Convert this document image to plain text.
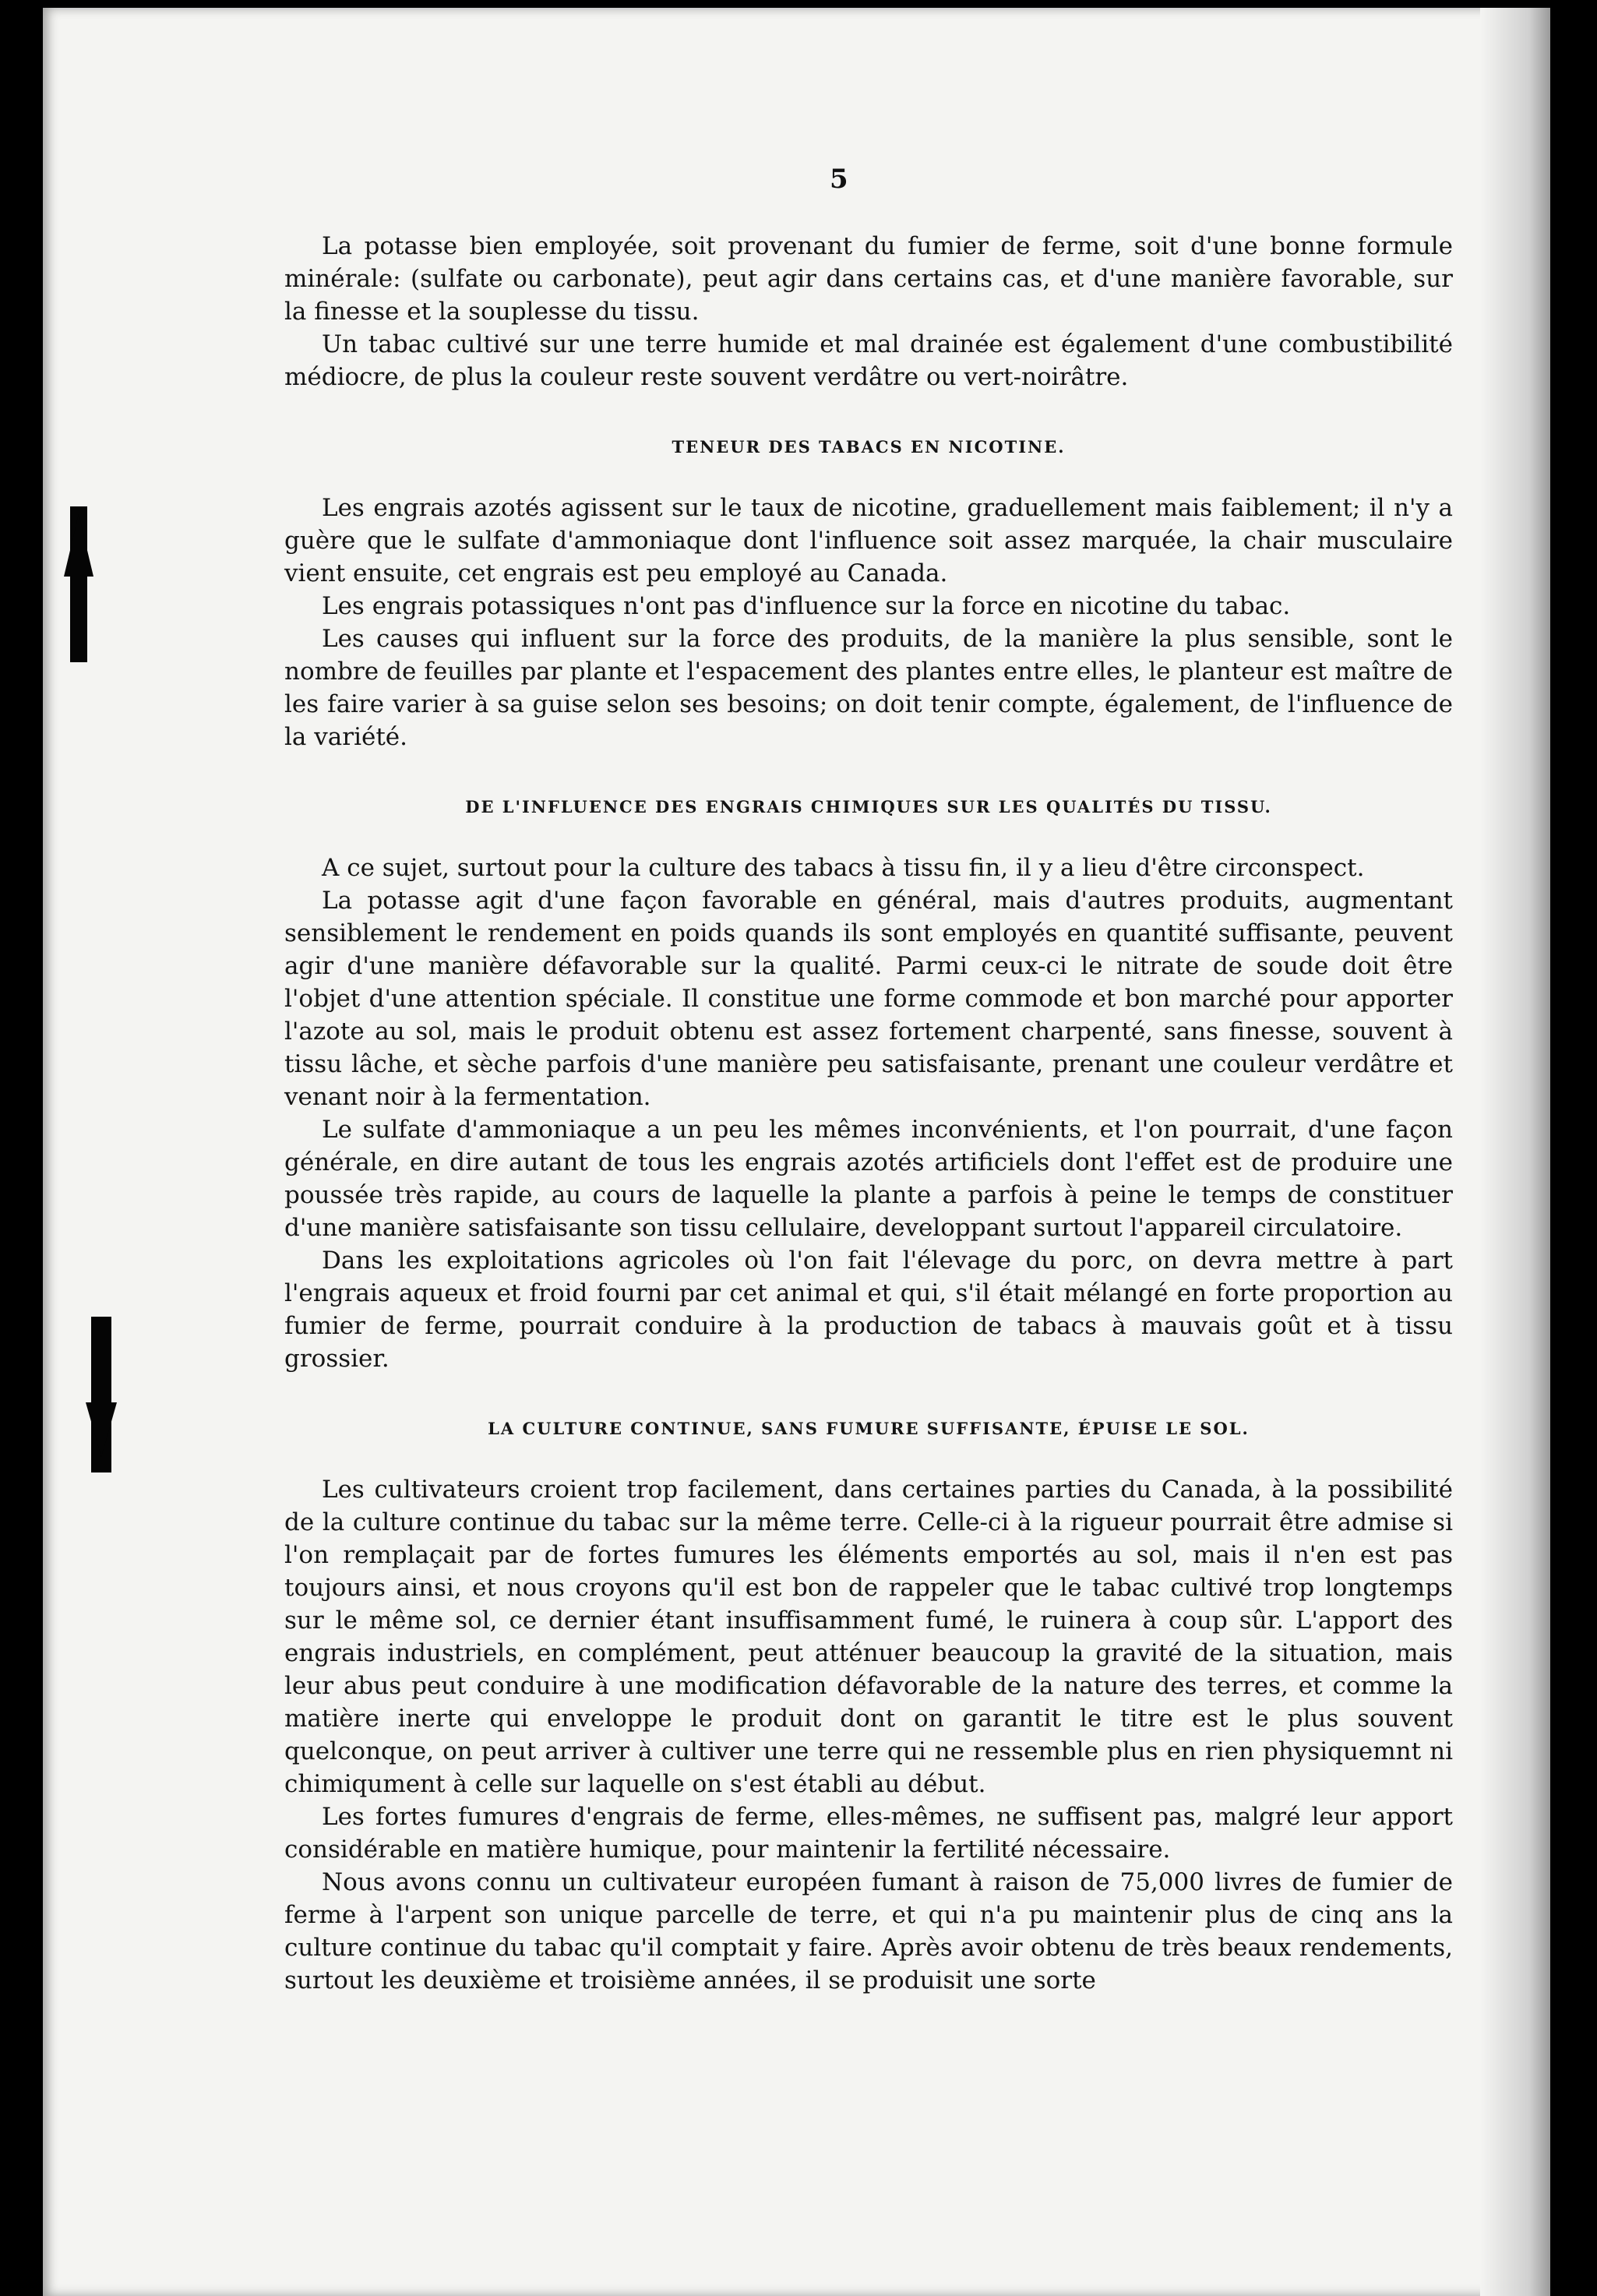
5

La potasse bien employée, soit provenant du fumier de ferme, soit d'une bonne formule minérale: (sulfate ou carbonate), peut agir dans certains cas, et d'une manière favorable, sur la finesse et la souplesse du tissu.

Un tabac cultivé sur une terre humide et mal drainée est également d'une combustibilité médiocre, de plus la couleur reste souvent verdâtre ou vert-noirâtre.

TENEUR DES TABACS EN NICOTINE.

Les engrais azotés agissent sur le taux de nicotine, graduellement mais faiblement; il n'y a guère que le sulfate d'ammoniaque dont l'influence soit assez marquée, la chair musculaire vient ensuite, cet engrais est peu employé au Canada.

Les engrais potassiques n'ont pas d'influence sur la force en nicotine du tabac.

Les causes qui influent sur la force des produits, de la manière la plus sensible, sont le nombre de feuilles par plante et l'espacement des plantes entre elles, le planteur est maître de les faire varier à sa guise selon ses besoins; on doit tenir compte, également, de l'influence de la variété.

DE L'INFLUENCE DES ENGRAIS CHIMIQUES SUR LES QUALITÉS DU TISSU.

A ce sujet, surtout pour la culture des tabacs à tissu fin, il y a lieu d'être circonspect.

La potasse agit d'une façon favorable en général, mais d'autres produits, augmentant sensiblement le rendement en poids quands ils sont employés en quantité suffisante, peuvent agir d'une manière défavorable sur la qualité. Parmi ceux-ci le nitrate de soude doit être l'objet d'une attention spéciale. Il constitue une forme commode et bon marché pour apporter l'azote au sol, mais le produit obtenu est assez fortement charpenté, sans finesse, souvent à tissu lâche, et sèche parfois d'une manière peu satisfaisante, prenant une couleur verdâtre et venant noir à la fermentation.

Le sulfate d'ammoniaque a un peu les mêmes inconvénients, et l'on pourrait, d'une façon générale, en dire autant de tous les engrais azotés artificiels dont l'effet est de produire une poussée très rapide, au cours de laquelle la plante a parfois à peine le temps de constituer d'une manière satisfaisante son tissu cellulaire, developpant surtout l'appareil circulatoire.

Dans les exploitations agricoles où l'on fait l'élevage du porc, on devra mettre à part l'engrais aqueux et froid fourni par cet animal et qui, s'il était mélangé en forte proportion au fumier de ferme, pourrait conduire à la production de tabacs à mauvais goût et à tissu grossier.

LA CULTURE CONTINUE, SANS FUMURE SUFFISANTE, ÉPUISE LE SOL.

Les cultivateurs croient trop facilement, dans certaines parties du Canada, à la possibilité de la culture continue du tabac sur la même terre. Celle-ci à la rigueur pourrait être admise si l'on remplaçait par de fortes fumures les éléments emportés au sol, mais il n'en est pas toujours ainsi, et nous croyons qu'il est bon de rappeler que le tabac cultivé trop longtemps sur le même sol, ce dernier étant insuffisamment fumé, le ruinera à coup sûr. L'apport des engrais industriels, en complément, peut atténuer beaucoup la gravité de la situation, mais leur abus peut conduire à une modification défavorable de la nature des terres, et comme la matière inerte qui enveloppe le produit dont on garantit le titre est le plus souvent quelconque, on peut arriver à cultiver une terre qui ne ressemble plus en rien physiquemnt ni chimiqument à celle sur laquelle on s'est établi au début.

Les fortes fumures d'engrais de ferme, elles-mêmes, ne suffisent pas, malgré leur apport considérable en matière humique, pour maintenir la fertilité nécessaire.

Nous avons connu un cultivateur européen fumant à raison de 75,000 livres de fumier de ferme à l'arpent son unique parcelle de terre, et qui n'a pu maintenir plus de cinq ans la culture continue du tabac qu'il comptait y faire. Après avoir obtenu de très beaux rendements, surtout les deuxième et troisième années, il se produisit une sorte
